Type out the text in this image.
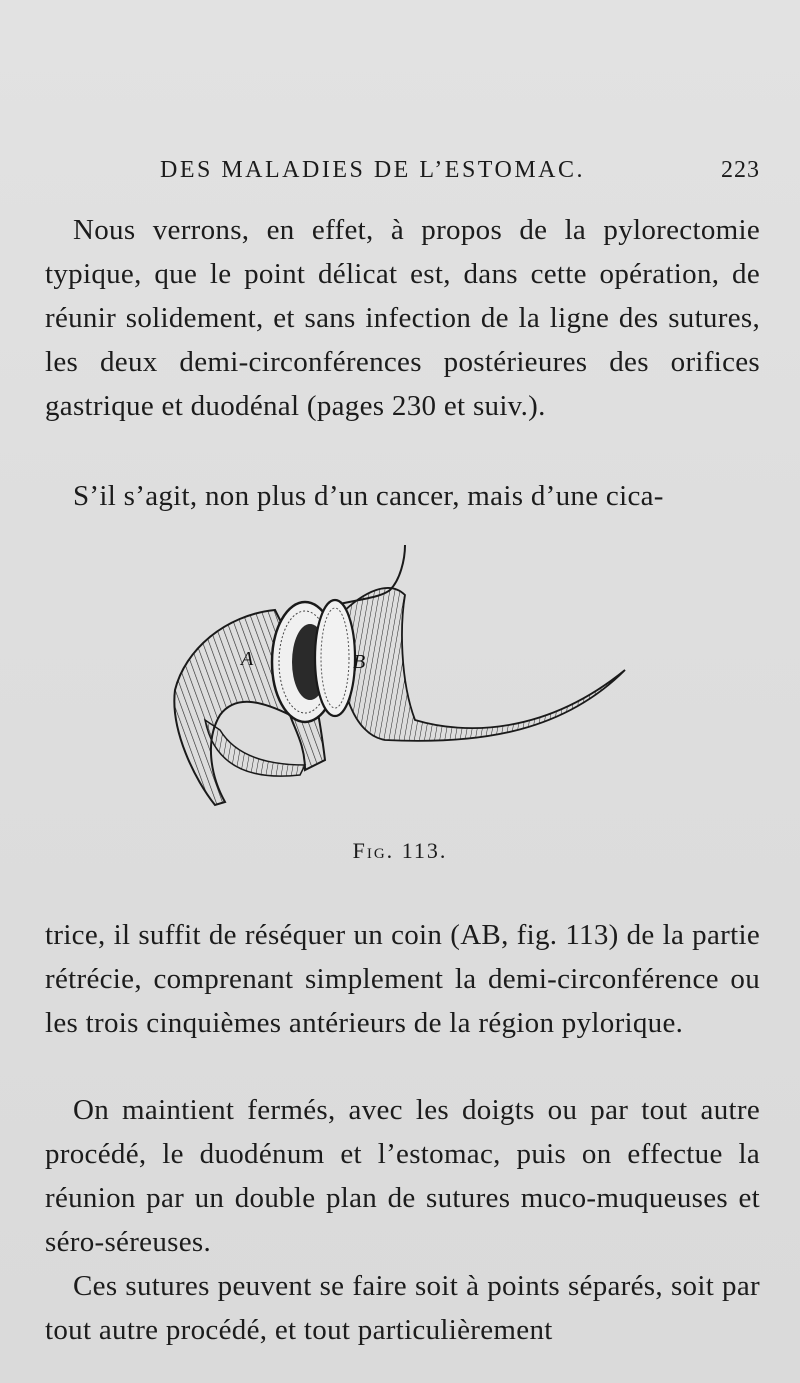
DES MALADIES DE L’ESTOMAC.	223

Nous verrons, en effet, à propos de la pylorectomie typique, que le point délicat est, dans cette opération, de réunir solidement, et sans infection de la ligne des sutures, les deux demi-circonférences postérieures des orifices gastrique et duodénal (pages 230 et suiv.).

S’il s’agit, non plus d’un cancer, mais d’une cica-

A	B
Fig. 113.

trice, il suffit de réséquer un coin (AB, fig. 113) de la partie rétrécie, comprenant simplement la demi-circonférence ou les trois cinquièmes antérieurs de la région pylorique.

On maintient fermés, avec les doigts ou par tout autre procédé, le duodénum et l’estomac, puis on effectue la réunion par un double plan de sutures muco-muqueuses et séro-séreuses.

Ces sutures peuvent se faire soit à points séparés, soit par tout autre procédé, et tout particulièrement
